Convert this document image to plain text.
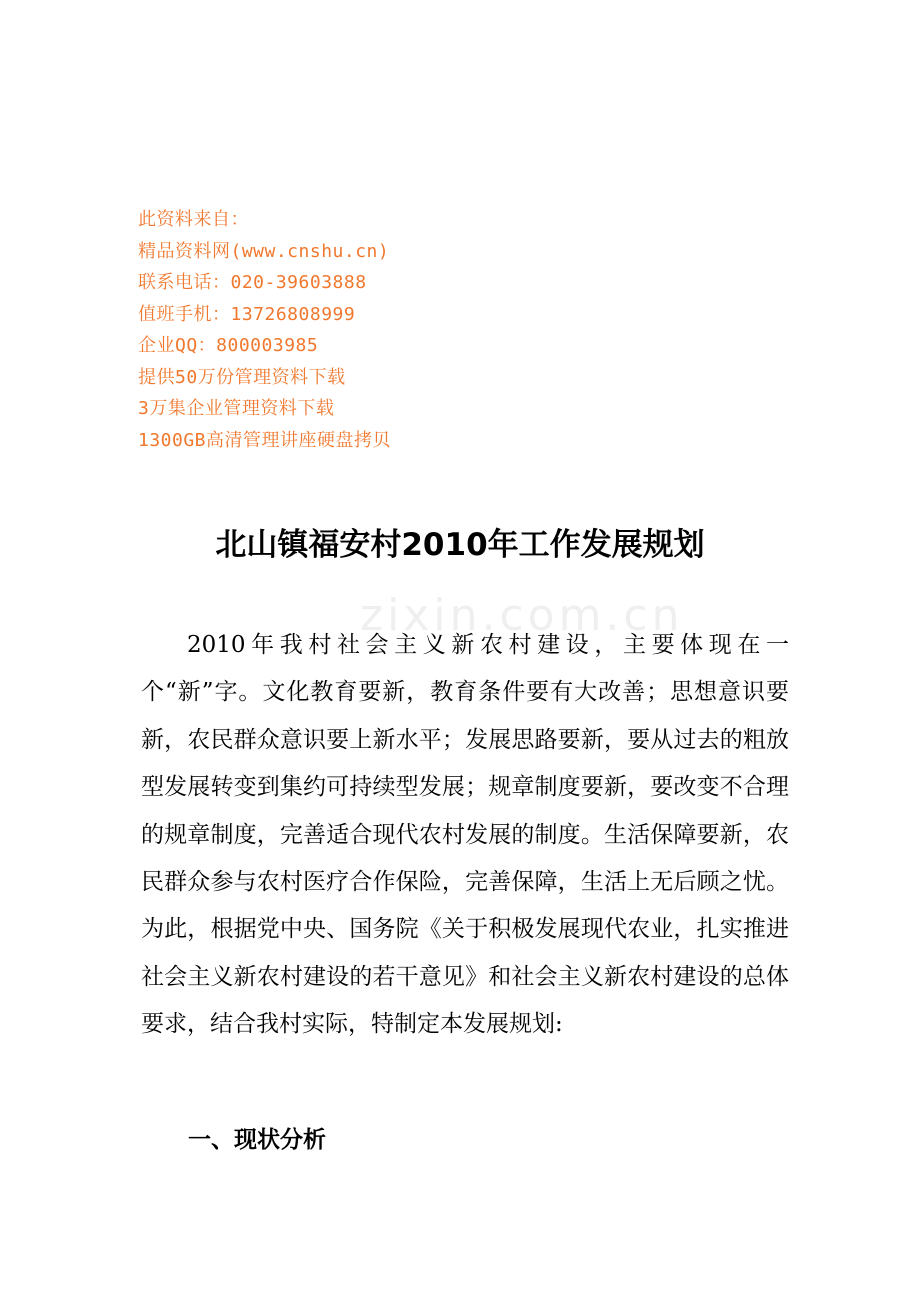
此资料来自：
精品资料网(www.cnshu.cn)
联系电话：020-39603888
值班手机：13726808999
企业QQ：800003985
提供50万份管理资料下载
3万集企业管理资料下载
1300GB高清管理讲座硬盘拷贝
北山镇福安村2010年工作发展规划
zixin.com.cn

2010年我村社会主义新农村建设，主要体现在一个“新”字。文化教育要新，教育条件要有大改善；思想意识要新，农民群众意识要上新水平；发展思路要新，要从过去的粗放型发展转变到集约可持续型发展；规章制度要新，要改变不合理的规章制度，完善适合现代农村发展的制度。生活保障要新，农民群众参与农村医疗合作保险，完善保障，生活上无后顾之忧。为此，根据党中央、国务院《关于积极发展现代农业，扎实推进社会主义新农村建设的若干意见》和社会主义新农村建设的总体要求，结合我村实际，特制定本发展规划:

一、现状分析
